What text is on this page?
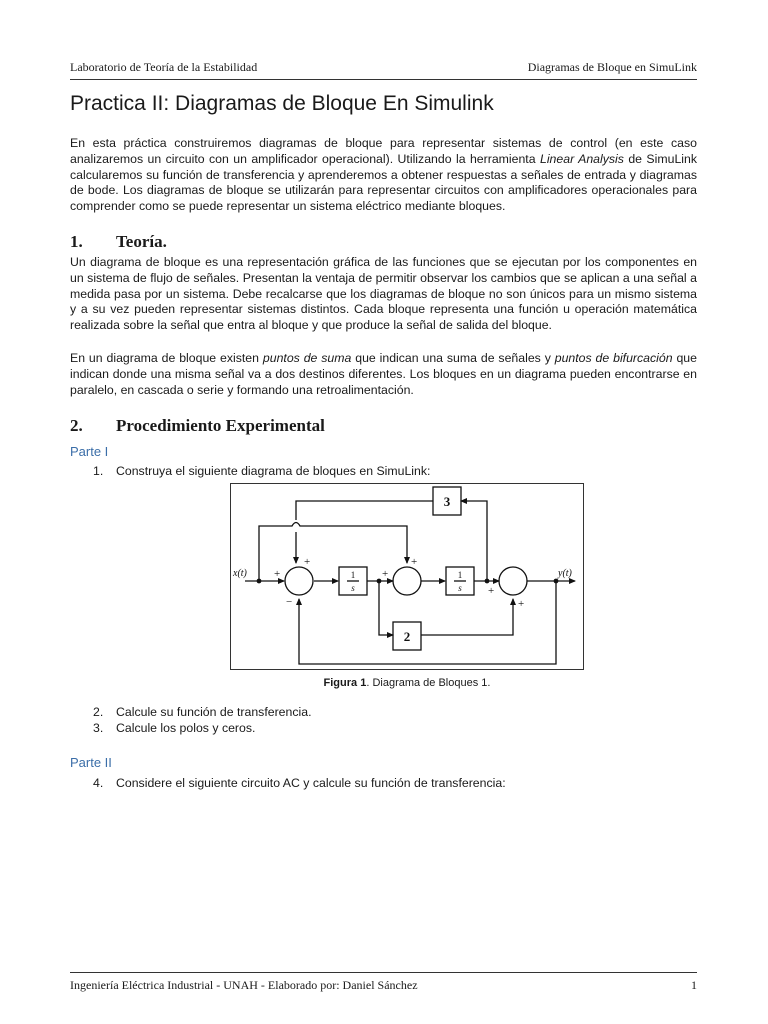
Laboratorio de Teoría de la Estabilidad	Diagramas de Bloque en SimuLink
Practica II: Diagramas de Bloque En Simulink

En esta práctica construiremos diagramas de bloque para representar sistemas de control (en este caso analizaremos un circuito con un amplificador operacional). Utilizando la herramienta Linear Analysis de SimuLink calcularemos su función de transferencia y aprenderemos a obtener respuestas a señales de entrada y diagramas de bode. Los diagramas de bloque se utilizarán para representar circuitos con amplificadores operacionales para comprender como se puede representar un sistema eléctrico mediante bloques.

1. Teoría.

Un diagrama de bloque es una representación gráfica de las funciones que se ejecutan por los componentes en un sistema de flujo de señales. Presentan la ventaja de permitir observar los cambios que se aplican a una señal a medida pasa por un sistema. Debe recalcarse que los diagramas de bloque no son únicos para un mismo sistema y a su vez pueden representar sistemas distintos. Cada bloque representa una función u operación matemática realizada sobre la señal que entra al bloque y que produce la señal de salida del bloque.

En un diagrama de bloque existen puntos de suma que indican una suma de señales y puntos de bifurcación que indican donde una misma señal va a dos destinos diferentes. Los bloques en un diagrama pueden encontrarse en paralelo, en cascada o serie y formando una retroalimentación.

2. Procedimiento Experimental

Parte I

1. Construya el siguiente diagrama de bloques en SimuLink:
x(t)	y(t)
3
1
s
1
s
2
+
+
−
+
+
+
+
Figura 1. Diagrama de Bloques 1.
2. Calcule su función de transferencia.
3. Calcule los polos y ceros.

Parte II

4. Considere el siguiente circuito AC y calcule su función de transferencia:
Ingeniería Eléctrica Industrial - UNAH - Elaborado por: Daniel Sánchez	1
